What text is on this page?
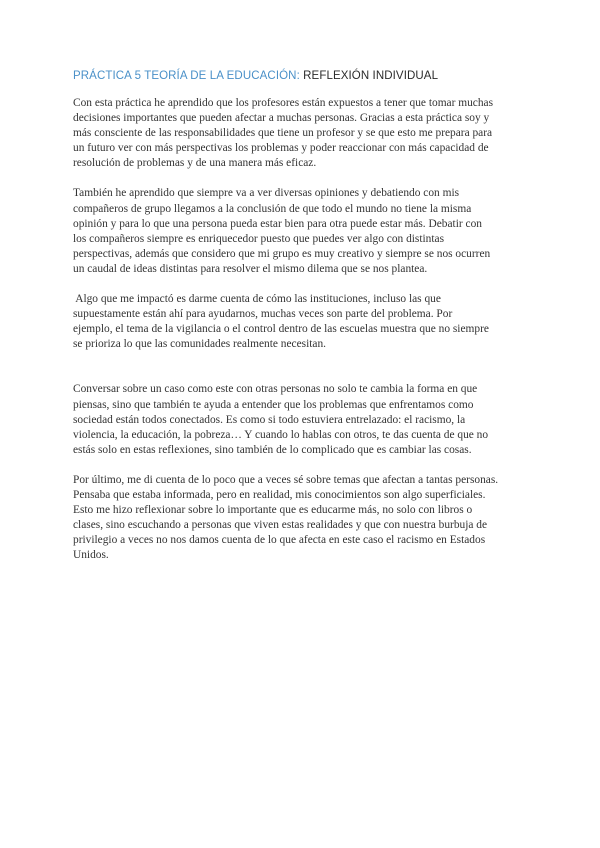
PRÁCTICA 5 TEORÍA DE LA EDUCACIÓN: REFLEXIÓN INDIVIDUAL

Con esta práctica he aprendido que los profesores están expuestos a tener que tomar muchas
decisiones importantes que pueden afectar a muchas personas. Gracias a esta práctica soy y
más consciente de las responsabilidades que tiene un profesor y se que esto me prepara para
un futuro ver con más perspectivas los problemas y poder reaccionar con más capacidad de
resolución de problemas y de una manera más eficaz.

También he aprendido que siempre va a ver diversas opiniones y debatiendo con mis
compañeros de grupo llegamos a la conclusión de que todo el mundo no tiene la misma
opinión y para lo que una persona pueda estar bien para otra puede estar más. Debatir con
los compañeros siempre es enriquecedor puesto que puedes ver algo con distintas
perspectivas, además que considero que mi grupo es muy creativo y siempre se nos ocurren
un caudal de ideas distintas para resolver el mismo dilema que se nos plantea.

Algo que me impactó es darme cuenta de cómo las instituciones, incluso las que
supuestamente están ahí para ayudarnos, muchas veces son parte del problema. Por
ejemplo, el tema de la vigilancia o el control dentro de las escuelas muestra que no siempre
se prioriza lo que las comunidades realmente necesitan.

Conversar sobre un caso como este con otras personas no solo te cambia la forma en que
piensas, sino que también te ayuda a entender que los problemas que enfrentamos como
sociedad están todos conectados. Es como si todo estuviera entrelazado: el racismo, la
violencia, la educación, la pobreza… Y cuando lo hablas con otros, te das cuenta de que no
estás solo en estas reflexiones, sino también de lo complicado que es cambiar las cosas.

Por último, me di cuenta de lo poco que a veces sé sobre temas que afectan a tantas personas.
Pensaba que estaba informada, pero en realidad, mis conocimientos son algo superficiales.
Esto me hizo reflexionar sobre lo importante que es educarme más, no solo con libros o
clases, sino escuchando a personas que viven estas realidades y que con nuestra burbuja de
privilegio a veces no nos damos cuenta de lo que afecta en este caso el racismo en Estados
Unidos.
